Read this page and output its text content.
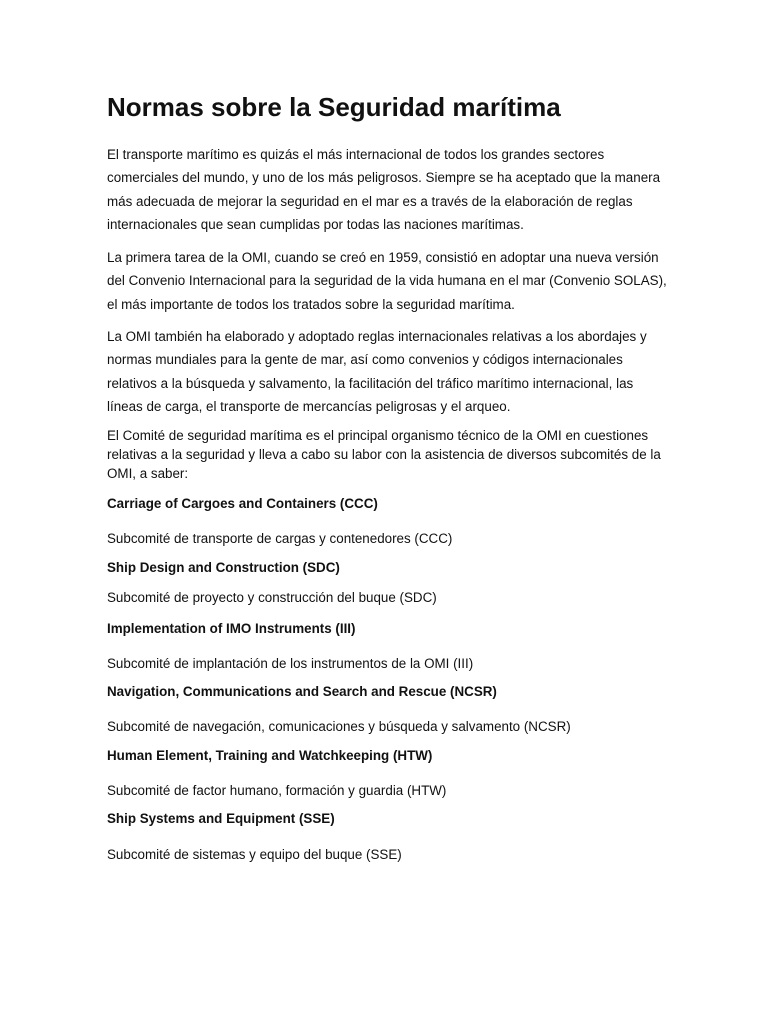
Normas sobre la Seguridad marítima

El transporte marítimo es quizás el más internacional de todos los grandes sectores comerciales del mundo, y uno de los más peligrosos. Siempre se ha aceptado que la manera más adecuada de mejorar la seguridad en el mar es a través de la elaboración de reglas internacionales que sean cumplidas por todas las naciones marítimas.

La primera tarea de la OMI, cuando se creó en 1959, consistió en adoptar una nueva versión del Convenio Internacional para la seguridad de la vida humana en el mar (Convenio SOLAS), el más importante de todos los tratados sobre la seguridad marítima.

La OMI también ha elaborado y adoptado reglas internacionales relativas a los abordajes y normas mundiales para la gente de mar, así como convenios y códigos internacionales relativos a la búsqueda y salvamento, la facilitación del tráfico marítimo internacional, las líneas de carga, el transporte de mercancías peligrosas y el arqueo.

El Comité de seguridad marítima es el principal organismo técnico de la OMI en cuestiones relativas a la seguridad y lleva a cabo su labor con la asistencia de diversos subcomités de la OMI, a saber:

Carriage of Cargoes and Containers (CCC)

Subcomité de transporte de cargas y contenedores (CCC)

Ship Design and Construction (SDC)

Subcomité de proyecto y construcción del buque (SDC)

Implementation of IMO Instruments (III)

Subcomité de implantación de los instrumentos de la OMI (III)

Navigation, Communications and Search and Rescue (NCSR)

Subcomité de navegación, comunicaciones y búsqueda y salvamento (NCSR)

Human Element, Training and Watchkeeping (HTW)

Subcomité de factor humano, formación y guardia (HTW)

Ship Systems and Equipment (SSE)

Subcomité de sistemas y equipo del buque (SSE)
